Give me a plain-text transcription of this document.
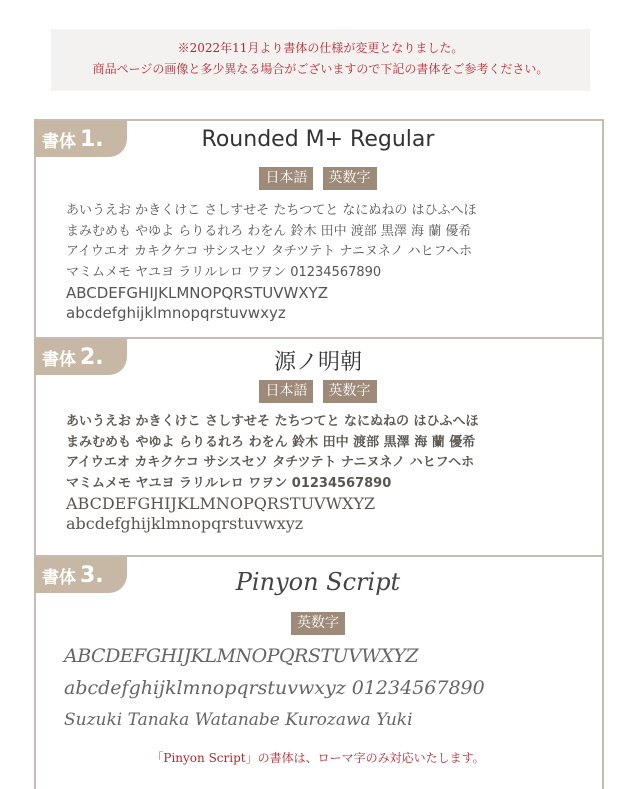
※2022年11月より書体の仕様が変更となりました。
商品ページの画像と多少異なる場合がございますので下記の書体をご参考ください。
書体 1.	Rounded M+ Regular
日本語 英数字
あいうえお かきくけこ さしすせそ たちつてと なにぬねの はひふへほ
まみむめも やゆよ らりるれろ わをん 鈴木 田中 渡部 黒澤 海 蘭 優希
アイウエオ カキクケコ サシスセソ タチツテト ナニヌネノ ハヒフヘホ
マミムメモ ヤユヨ ラリルレロ ワヲン 01234567890
ABCDEFGHIJKLMNOPQRSTUVWXYZ
abcdefghijklmnopqrstuvwxyz
書体 2.	源ノ明朝
日本語 英数字
あいうえお かきくけこ さしすせそ たちつてと なにぬねの はひふへほ
まみむめも やゆよ らりるれろ わをん 鈴木 田中 渡部 黒澤 海 蘭 優希
アイウエオ カキクケコ サシスセソ タチツテト ナニヌネノ ハヒフヘホ
マミムメモ ヤユヨ ラリルレロ ワヲン 01234567890
ABCDEFGHIJKLMNOPQRSTUVWXYZ
abcdefghijklmnopqrstuvwxyz
書体 3.	Pinyon Script
英数字
ABCDEFGHIJKLMNOPQRSTUVWXYZ
abcdefghijklmnopqrstuvwxyz 01234567890
Suzuki Tanaka Watanabe Kurozawa Yuki
「Pinyon Script」の書体は、ローマ字のみ対応いたします。
